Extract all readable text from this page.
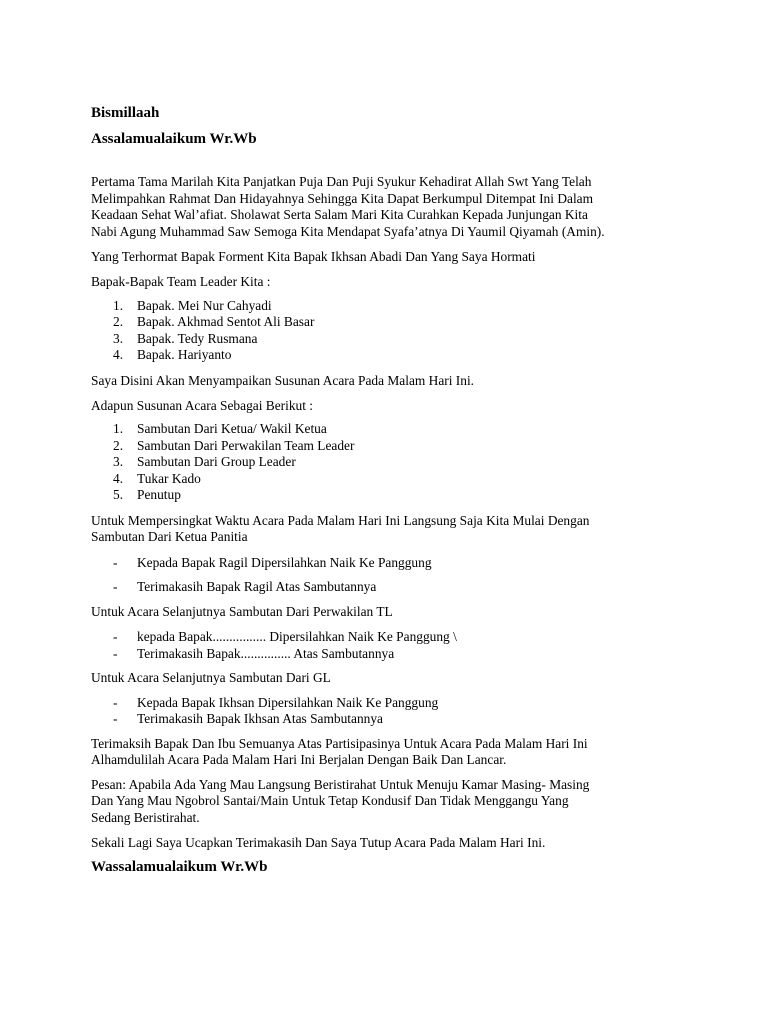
Bismillaah
Assalamualaikum Wr.Wb

Pertama Tama Marilah Kita Panjatkan Puja Dan Puji Syukur Kehadirat Allah Swt Yang Telah

Melimpahkan Rahmat Dan Hidayahnya Sehingga Kita Dapat Berkumpul Ditempat Ini Dalam

Keadaan Sehat Wal’afiat. Sholawat Serta Salam Mari Kita Curahkan Kepada Junjungan Kita

Nabi Agung Muhammad Saw Semoga Kita Mendapat Syafa’atnya Di Yaumil Qiyamah (Amin).

Yang Terhormat Bapak Forment Kita Bapak Ikhsan Abadi Dan Yang Saya Hormati

Bapak-Bapak Team Leader Kita :

1. Bapak. Mei Nur Cahyadi
2. Bapak. Akhmad Sentot Ali Basar
3. Bapak. Tedy Rusmana
4. Bapak. Hariyanto

Saya Disini Akan Menyampaikan Susunan Acara Pada Malam Hari Ini.

Adapun Susunan Acara Sebagai Berikut :

1. Sambutan Dari Ketua/ Wakil Ketua
2. Sambutan Dari Perwakilan Team Leader
3. Sambutan Dari Group Leader
4. Tukar Kado
5. Penutup

Untuk Mempersingkat Waktu Acara Pada Malam Hari Ini Langsung Saja Kita Mulai Dengan

Sambutan Dari Ketua Panitia

- Kepada Bapak Ragil Dipersilahkan Naik Ke Panggung
- Terimakasih Bapak Ragil Atas Sambutannya

Untuk Acara Selanjutnya Sambutan Dari Perwakilan TL

- kepada Bapak................ Dipersilahkan Naik Ke Panggung \
- Terimakasih Bapak............... Atas Sambutannya

Untuk Acara Selanjutnya Sambutan Dari GL

- Kepada Bapak Ikhsan Dipersilahkan Naik Ke Panggung
- Terimakasih Bapak Ikhsan Atas Sambutannya

Terimaksih Bapak Dan Ibu Semuanya Atas Partisipasinya Untuk Acara Pada Malam Hari Ini

Alhamdulilah Acara Pada Malam Hari Ini Berjalan Dengan Baik Dan Lancar.

Pesan: Apabila Ada Yang Mau Langsung Beristirahat Untuk Menuju Kamar Masing- Masing

Dan Yang Mau Ngobrol Santai/Main Untuk Tetap Kondusif Dan Tidak Menggangu Yang

Sedang Beristirahat.

Sekali Lagi Saya Ucapkan Terimakasih Dan Saya Tutup Acara Pada Malam Hari Ini.

Wassalamualaikum Wr.Wb
